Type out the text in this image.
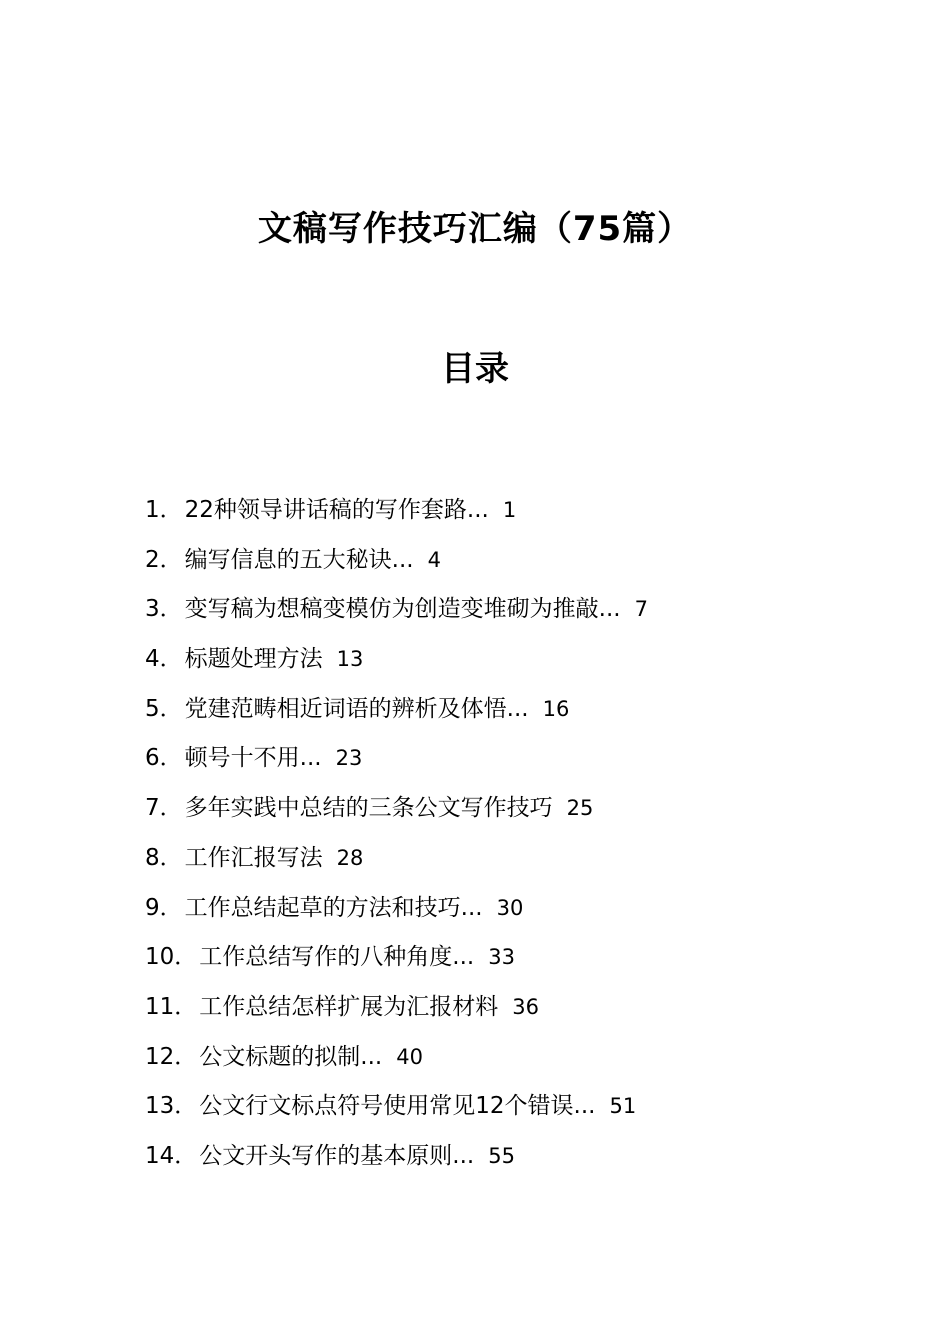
文稿写作技巧汇编（75篇）
目录
1．22种领导讲话稿的写作套路... 1
2．编写信息的五大秘诀... 4
3．变写稿为想稿变模仿为创造变堆砌为推敲... 7
4．标题处理方法 13
5．党建范畴相近词语的辨析及体悟... 16
6．顿号十不用... 23
7．多年实践中总结的三条公文写作技巧 25
8．工作汇报写法 28
9．工作总结起草的方法和技巧... 30
10．工作总结写作的八种角度... 33
11．工作总结怎样扩展为汇报材料 36
12．公文标题的拟制... 40
13．公文行文标点符号使用常见12个错误... 51
14．公文开头写作的基本原则... 55
